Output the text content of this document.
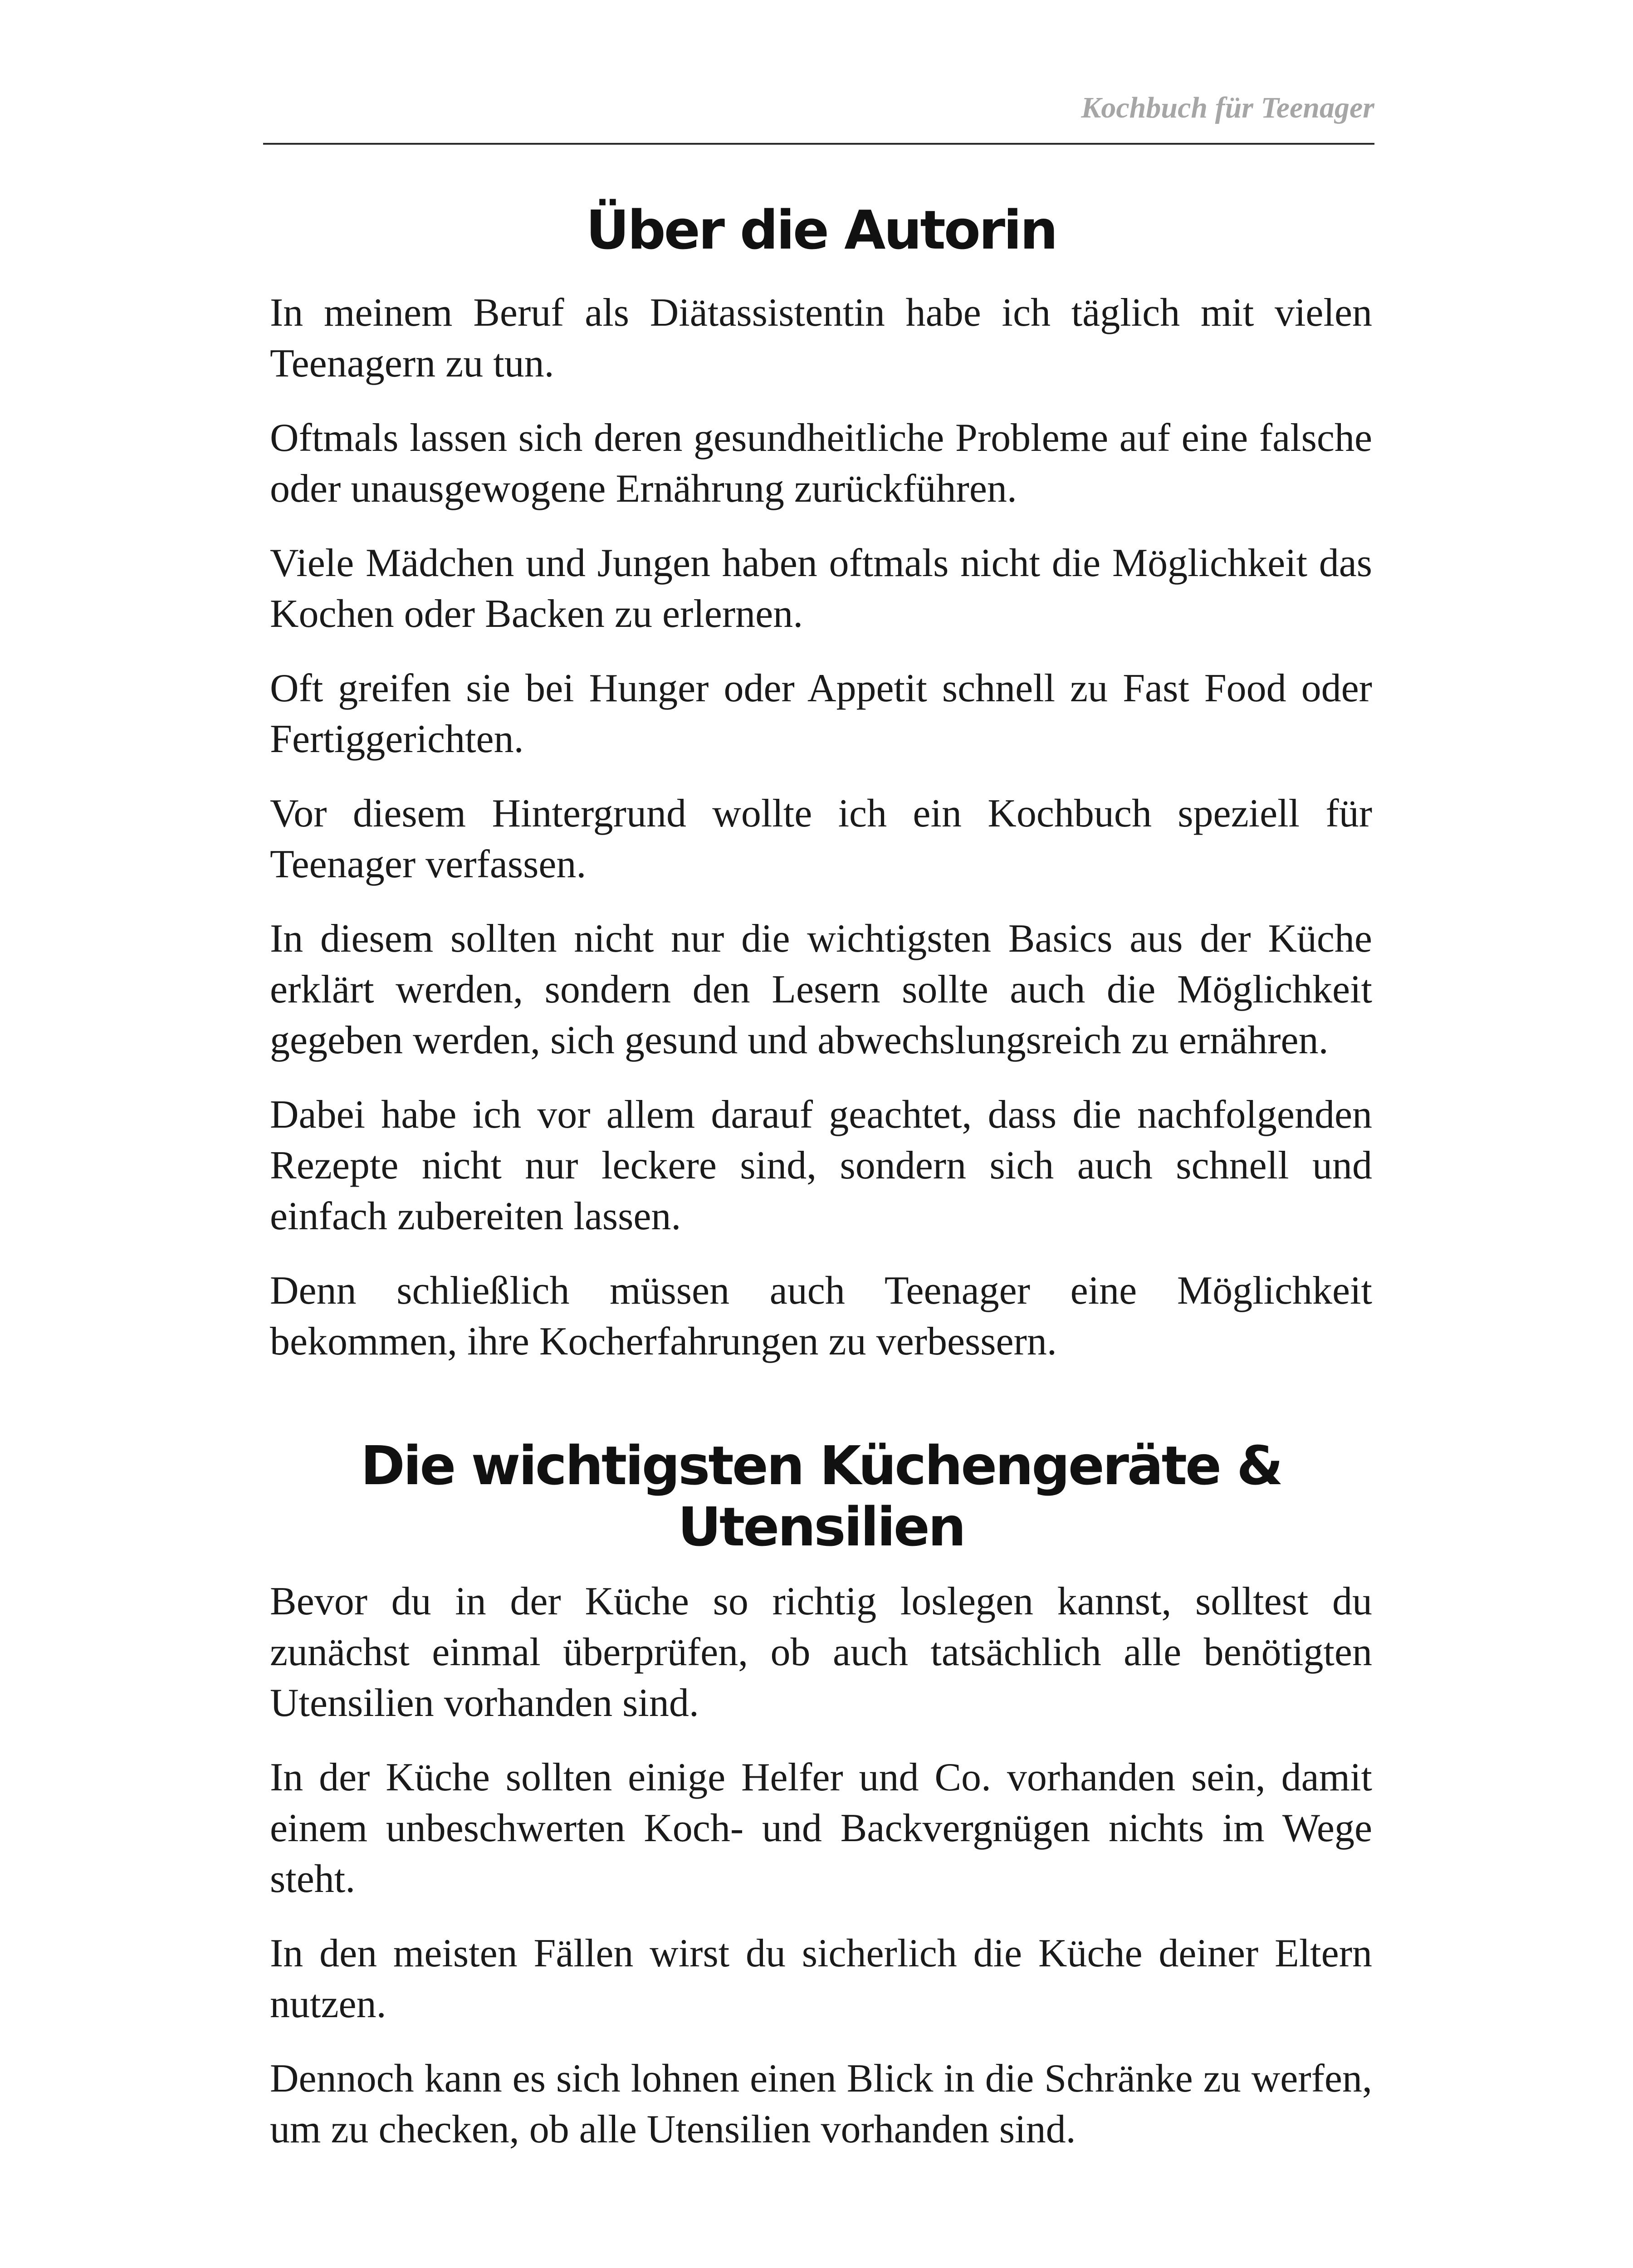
Kochbuch für Teenager
Über die Autorin

In meinem Beruf als Diätassistentin habe ich täglich mit vielen Teenagern zu tun.

Oftmals lassen sich deren gesundheitliche Probleme auf eine falsche oder unausgewogene Ernährung zurückführen.

Viele Mädchen und Jungen haben oftmals nicht die Möglichkeit das Kochen oder Backen zu erlernen.

Oft greifen sie bei Hunger oder Appetit schnell zu Fast Food oder Fertiggerichten.

Vor diesem Hintergrund wollte ich ein Kochbuch speziell für Teenager verfassen.

In diesem sollten nicht nur die wichtigsten Basics aus der Küche erklärt werden, sondern den Lesern sollte auch die Möglichkeit gegeben werden, sich gesund und abwechslungsreich zu ernähren.

Dabei habe ich vor allem darauf geachtet, dass die nachfolgenden Rezepte nicht nur leckere sind, sondern sich auch schnell und einfach zubereiten lassen.

Denn schließlich müssen auch Teenager eine Möglichkeit bekommen, ihre Kocherfahrungen zu verbessern.

Die wichtigsten Küchengeräte & Utensilien

Bevor du in der Küche so richtig loslegen kannst, solltest du zunächst einmal überprüfen, ob auch tatsächlich alle benötigten Utensilien vorhanden sind.

In der Küche sollten einige Helfer und Co. vorhanden sein, damit einem unbeschwerten Koch- und Backvergnügen nichts im Wege steht.

In den meisten Fällen wirst du sicherlich die Küche deiner Eltern nutzen.

Dennoch kann es sich lohnen einen Blick in die Schränke zu werfen, um zu checken, ob alle Utensilien vorhanden sind.
